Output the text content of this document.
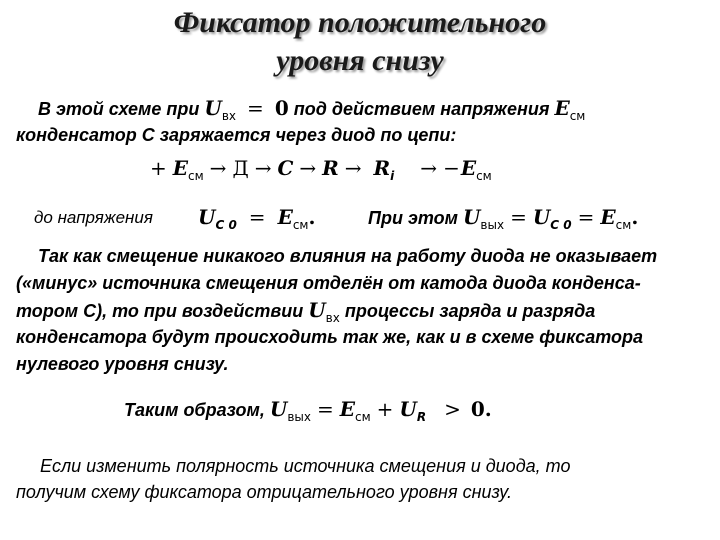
Фиксатор положительного
уровня снизу
В этой схеме при $U_{вх} = 0$ под действием напряжения $E_{см}$
конденсатор С заряжается через диод по цепи:
+ $E_{см} \to Д \to C \to R \to R_i \to -E_{см}$
до напряжения $U_{C 0} = E_{см}$.	При этом $U_{вых} = U_{C 0} = E_{см}$.
Так как смещение никакого влияния на работу диода не оказывает
(«минус» источника смещения отделён от катода диода конденса-
тором С), то при воздействии $U_{вх}$ процессы заряда и разряда
конденсатора будут происходить так же, как и в схеме фиксатора
нулевого уровня снизу.
Таким образом, $U_{вых} = E_{см} + U_R > 0$.
Если изменить полярность источника смещения и диода, то
получим схему фиксатора отрицательного уровня снизу.
